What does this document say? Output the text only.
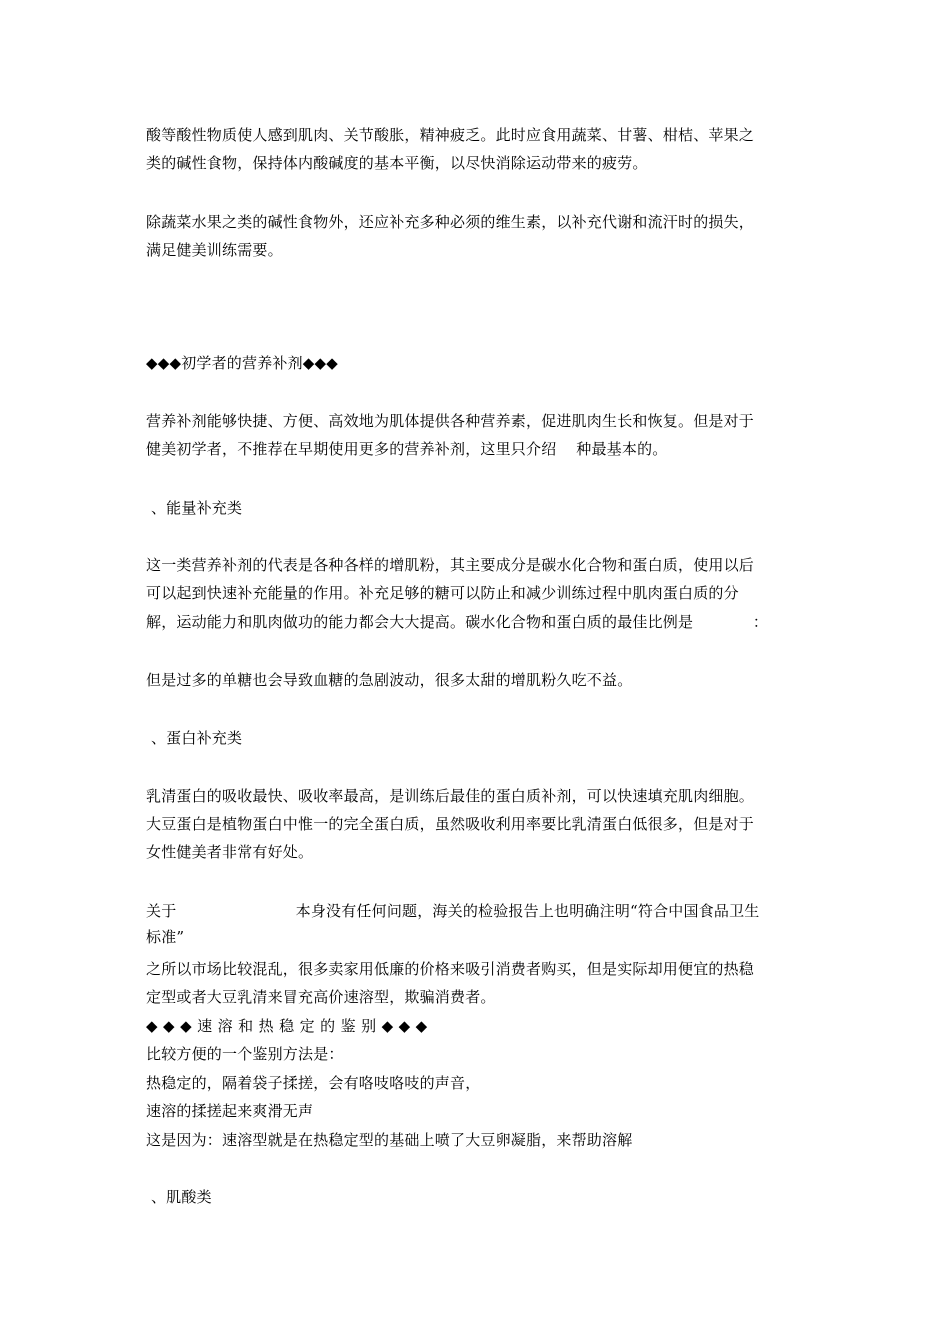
酸等酸性物质使人感到肌肉、关节酸胀，精神疲乏。此时应食用蔬菜、甘薯、柑桔、苹果之

类的碱性食物，保持体内酸碱度的基本平衡，以尽快消除运动带来的疲劳。

除蔬菜水果之类的碱性食物外，还应补充多种必须的维生素，以补充代谢和流汗时的损失，

满足健美训练需要。

◆◆◆初学者的营养补剂◆◆◆

营养补剂能够快捷、方便、高效地为肌体提供各种营养素，促进肌肉生长和恢复。但是对于

健美初学者，不推荐在早期使用更多的营养补剂，这里只介绍    种最基本的。

、能量补充类

这一类营养补剂的代表是各种各样的增肌粉，其主要成分是碳水化合物和蛋白质，使用以后

可以起到快速补充能量的作用。补充足够的糖可以防止和减少训练过程中肌肉蛋白质的分

解，运动能力和肌肉做功的能力都会大大提高。碳水化合物和蛋白质的最佳比例是            ：

但是过多的单糖也会导致血糖的急剧波动，很多太甜的增肌粉久吃不益。

、蛋白补充类

乳清蛋白的吸收最快、吸收率最高，是训练后最佳的蛋白质补剂，可以快速填充肌肉细胞。

大豆蛋白是植物蛋白中惟一的完全蛋白质，虽然吸收利用率要比乳清蛋白低很多，但是对于

女性健美者非常有好处。

关于                        本身没有任何问题，海关的检验报告上也明确注明“符合中国食品卫生

标准”

之所以市场比较混乱，很多卖家用低廉的价格来吸引消费者购买，但是实际却用便宜的热稳

定型或者大豆乳清来冒充高价速溶型，欺骗消费者。

◆◆◆速溶和热稳定的鉴别◆◆◆

比较方便的一个鉴别方法是：

热稳定的，隔着袋子揉搓，会有咯吱咯吱的声音，

速溶的揉搓起来爽滑无声

这是因为：速溶型就是在热稳定型的基础上喷了大豆卵凝脂，来帮助溶解

、肌酸类
